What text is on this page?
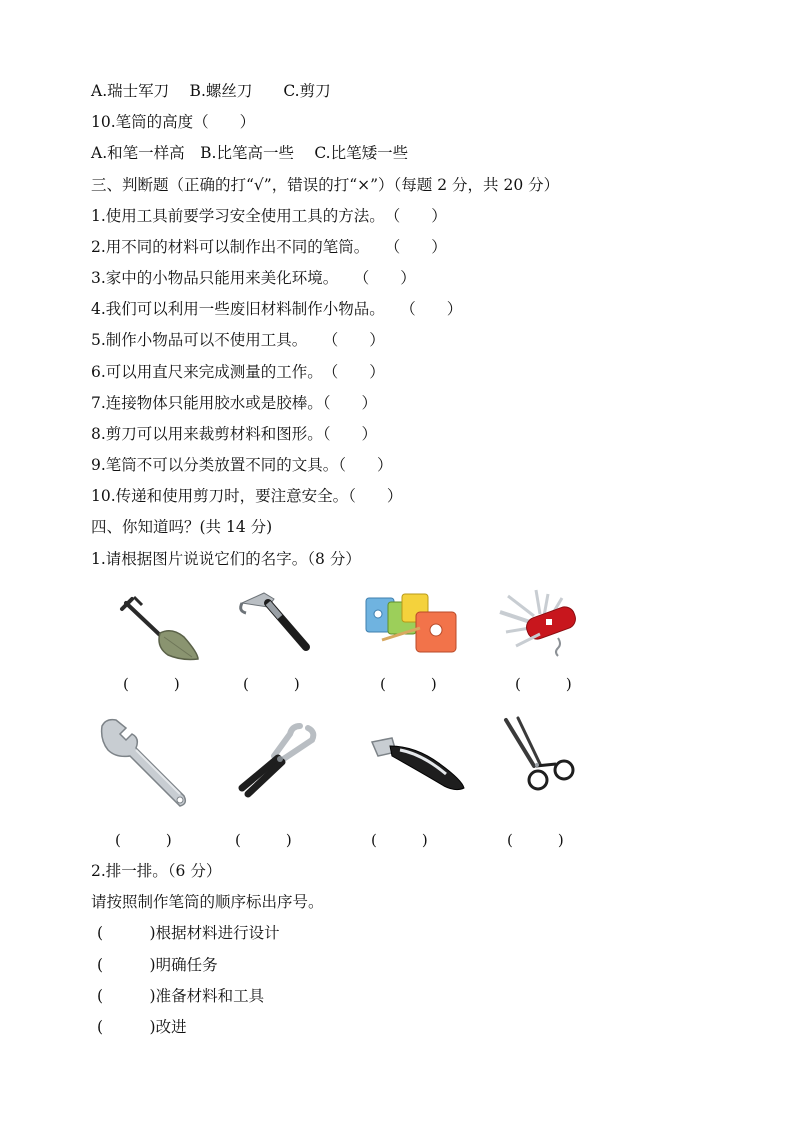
A.瑞士军刀　 B.螺丝刀　　C.剪刀
10.笔筒的高度（　　）
A.和笔一样高　B.比笔高一些　 C.比笔矮一些
三、判断题（正确的打“√”，错误的打“×”）（每题 2 分，共 20 分）
1.使用工具前要学习安全使用工具的方法。　（　　）
2.用不同的材料可以制作出不同的笔筒。　　（　　）
3.家中的小物品只能用来美化环境。　　（　　）
4.我们可以利用一些废旧材料制作小物品。　　（　　）
5.制作小物品可以不使用工具。　　（　　）
6.可以用直尺来完成测量的工作。　（　　）
7.连接物体只能用胶水或是胶棒。（　　）
8.剪刀可以用来裁剪材料和图形。（　　）
9.笔筒不可以分类放置不同的文具。（　　）
10.传递和使用剪刀时，要注意安全。（　　）
四、你知道吗？(共 14 分)
1.请根据图片说说它们的名字。（8 分）
(　　　)	(　　　)	(　　　)	(　　　)
(　　　)	(　　　)	(　　　)	(　　　)
2.排一排。（6 分）
请按照制作笔筒的顺序标出序号。
(　　　)根据材料进行设计
(　　　)明确任务
(　　　)准备材料和工具
(　　　)改进
